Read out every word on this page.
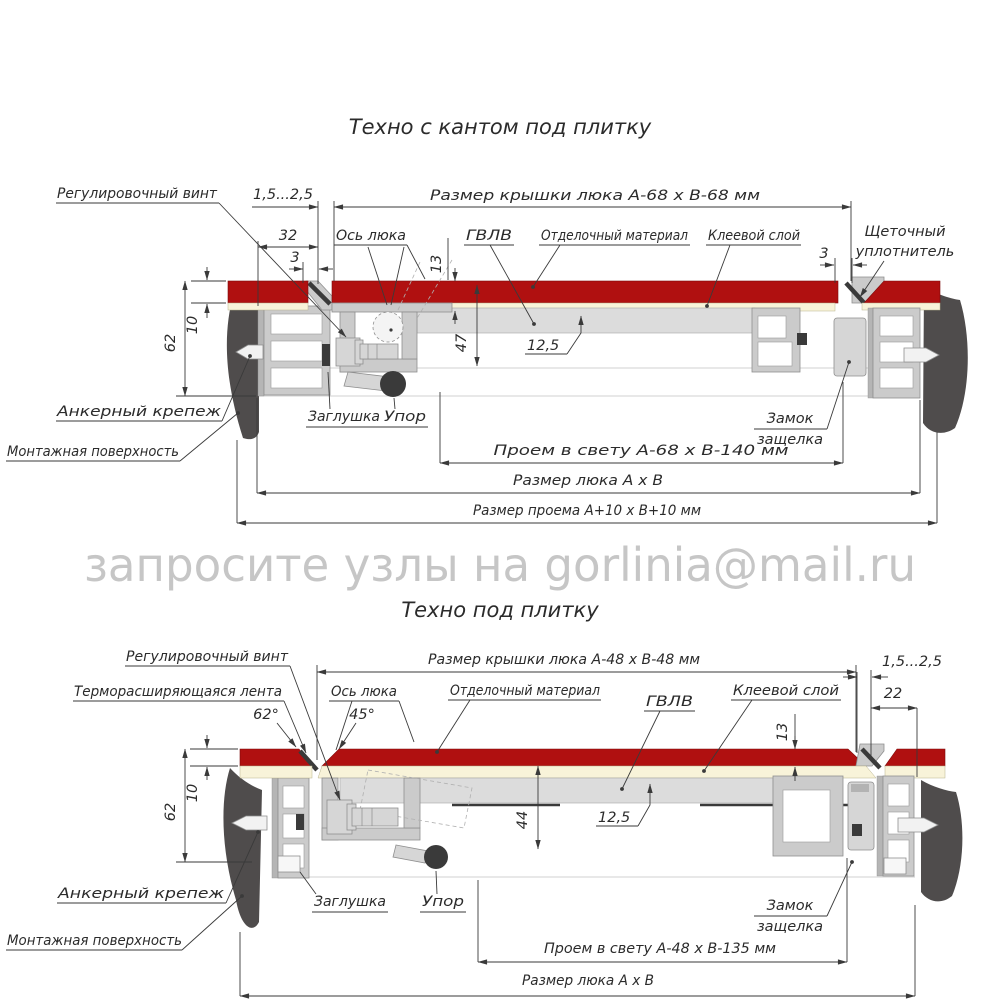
Техно с кантом под плитку
Регулировочный винт 1,5...2,5	Размер крышки люка А-68 х В-68 мм
32
3
Ось люка	ГВЛВ Отделочный материал Клеевой слой
3
Щеточный
уплотнитель
13
47	12,5
10
62
Анкерный крепеж
Монтажная поверхность
Заглушка Упор	Замок
защелка
Проем в свету А-68 х В-140 мм
Размер люка А х В
Размер проема А+10 х В+10 мм
запросите узлы на gorlinia@mail.ru
Техно под плитку
Регулировочный винт
Терморасширяющаяся лента
62°
Ось люка
45°
Размер крышки люка А-48 х В-48 мм
Отделочный материал
ГВЛВ
Клеевой слой
13
1,5...2,5
22
10
62	44	12,5
Анкерный крепеж
Монтажная поверхность
Заглушка Упор	Замок
защелка
Проем в свету А-48 х В-135 мм
Размер люка А х В
